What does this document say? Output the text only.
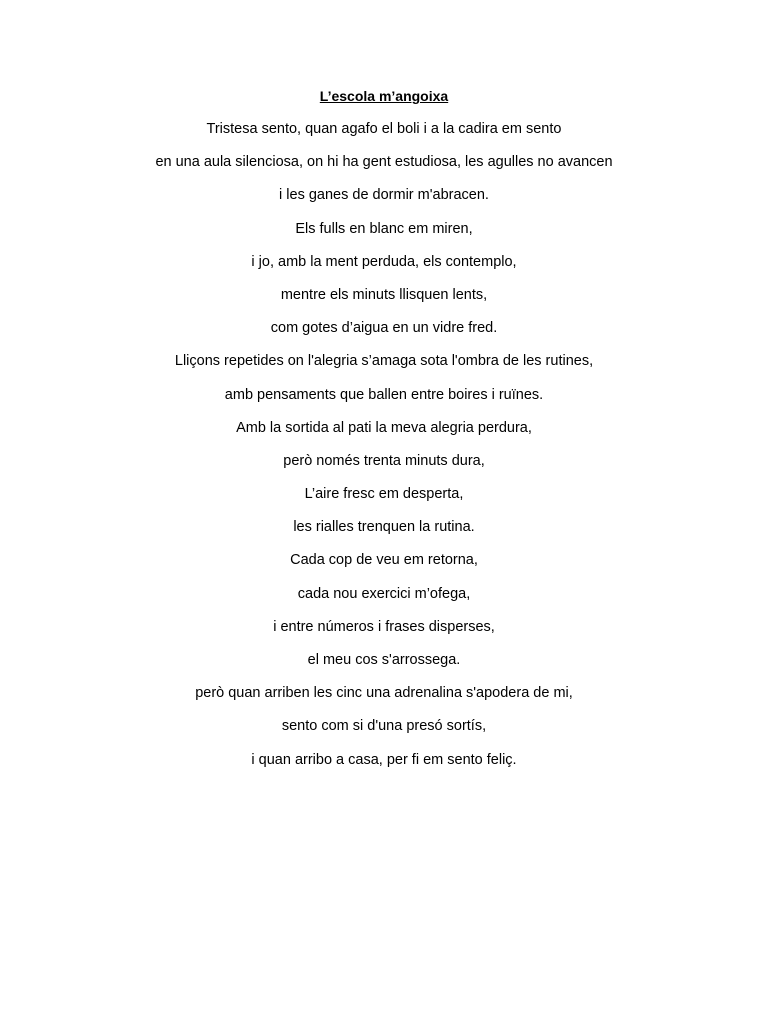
L’escola m’angoixa
Tristesa sento, quan agafo el boli i a la cadira em sento
en una aula silenciosa, on hi ha gent estudiosa, les agulles no avancen
i les ganes de dormir m'abracen.
Els fulls en blanc em miren,
i jo, amb la ment perduda, els contemplo,
mentre els minuts llisquen lents,
com gotes d’aigua en un vidre fred.
Lliçons repetides on l'alegria s’amaga sota l'ombra de les rutines,
amb pensaments que ballen entre boires i ruïnes.
Amb la sortida al pati la meva alegria perdura,
però només trenta minuts dura,
L’aire fresc em desperta,
les rialles trenquen la rutina.
Cada cop de veu em retorna,
cada nou exercici m’ofega,
i entre números i frases disperses,
el meu cos s'arrossega.
però quan arriben les cinc una adrenalina s'apodera de mi,
sento com si d'una presó sortís,
i quan arribo a casa, per fi em sento feliç.
